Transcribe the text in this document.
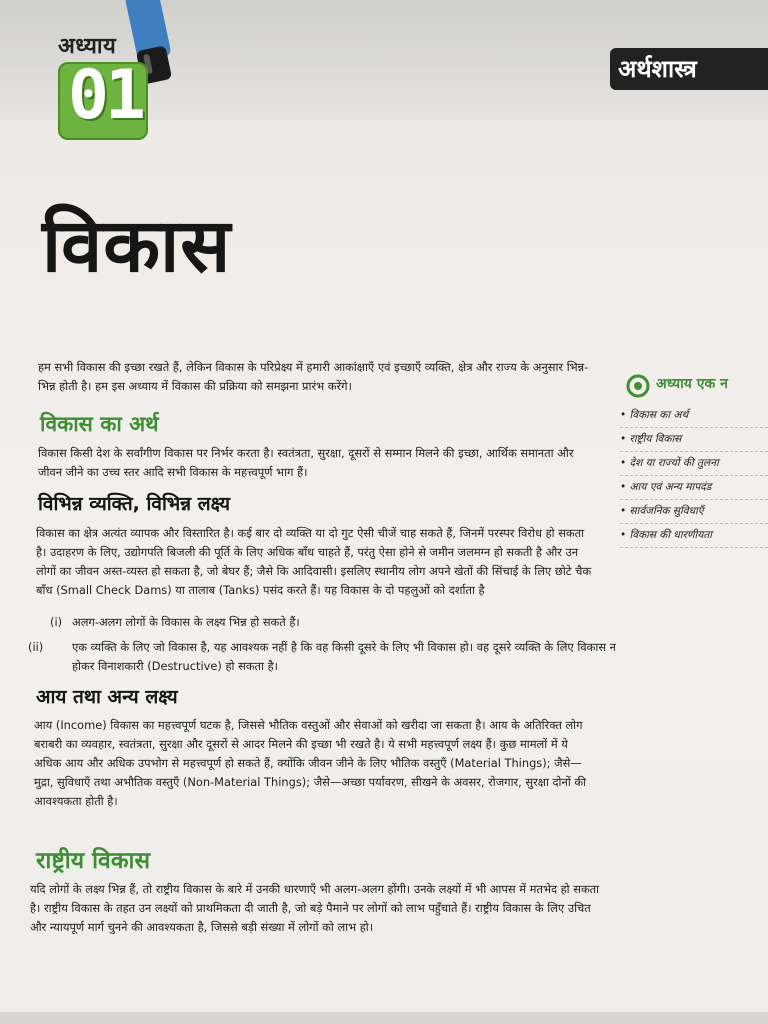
अध्याय
01	अर्थशास्त्र
विकास
हम सभी विकास की इच्छा रखते हैं, लेकिन विकास के परिप्रेक्ष्य में हमारी आकांक्षाएँ एवं इच्छाएँ व्यक्ति, क्षेत्र और राज्य के अनुसार भिन्न-भिन्न होती है। हम इस अध्याय में विकास की प्रक्रिया को समझना प्रारंभ करेंगे।
विकास का अर्थ
विकास किसी देश के सर्वांगीण विकास पर निर्भर करता है। स्वतंत्रता, सुरक्षा, दूसरों से सम्मान मिलने की इच्छा, आर्थिक समानता और जीवन जीने का उच्च स्तर आदि सभी विकास के महत्त्वपूर्ण भाग हैं।
विभिन्न व्यक्ति, विभिन्न लक्ष्य
विकास का क्षेत्र अत्यंत व्यापक और विस्तारित है। कई बार दो व्यक्ति या दो गुट ऐसी चीजें चाह सकते हैं, जिनमें परस्पर विरोध हो सकता है। उदाहरण के लिए, उद्योगपति बिजली की पूर्ति के लिए अधिक बाँध चाहते हैं, परंतु ऐसा होने से जमीन जलमग्न हो सकती है और उन लोगों का जीवन अस्त-व्यस्त हो सकता है, जो बेघर हैं; जैसे कि आदिवासी। इसलिए स्थानीय लोग अपने खेतों की सिंचाई के लिए छोटे चैक बाँध (Small Check Dams) या तालाब (Tanks) पसंद करते हैं। यह विकास के दो पहलुओं को दर्शाता है
(i) अलग-अलग लोगों के विकास के लक्ष्य भिन्न हो सकते हैं।
(ii)	एक व्यक्ति के लिए जो विकास है, यह आवश्यक नहीं है कि वह किसी दूसरे के लिए भी विकास हो। वह दूसरे व्यक्ति के लिए विकास न होकर विनाशकारी (Destructive) हो सकता है।
आय तथा अन्य लक्ष्य
आय (Income) विकास का महत्त्वपूर्ण घटक है, जिससे भौतिक वस्तुओं और सेवाओं को खरीदा जा सकता है। आय के अतिरिक्त लोग बराबरी का व्यवहार, स्वतंत्रता, सुरक्षा और दूसरों से आदर मिलने की इच्छा भी रखते है। ये सभी महत्त्वपूर्ण लक्ष्य हैं। कुछ मामलों में ये अधिक आय और अधिक उपभोग से महत्त्वपूर्ण हो सकते हैं, क्योंकि जीवन जीने के लिए भौतिक वस्तुएँ (Material Things); जैसे—मुद्रा, सुविधाएँ तथा अभौतिक वस्तुएँ (Non-Material Things); जैसे—अच्छा पर्यावरण, सीखने के अवसर, रोजगार, सुरक्षा दोनों की आवश्यकता होती है।
राष्ट्रीय विकास
यदि लोगों के लक्ष्य भिन्न हैं, तो राष्ट्रीय विकास के बारे में उनकी धारणाएँ भी अलग-अलग होंगी। उनके लक्ष्यों में भी आपस में मतभेद हो सकता है। राष्ट्रीय विकास के तहत उन लक्ष्यों को प्राथमिकता दी जाती है, जो बड़े पैमाने पर लोगों को लाभ पहुँचाते हैं। राष्ट्रीय विकास के लिए उचित और न्यायपूर्ण मार्ग चुनने की आवश्यकता है, जिससे बड़ी संख्या में लोगों को लाभ हो।
अध्याय एक न
• विकास का अर्थ
• राष्ट्रीय विकास
• देश या राज्यों की तुलना
• आय एवं अन्य मापदंड
• सार्वजनिक सुविधाएँ
• विकास की धारणीयता
